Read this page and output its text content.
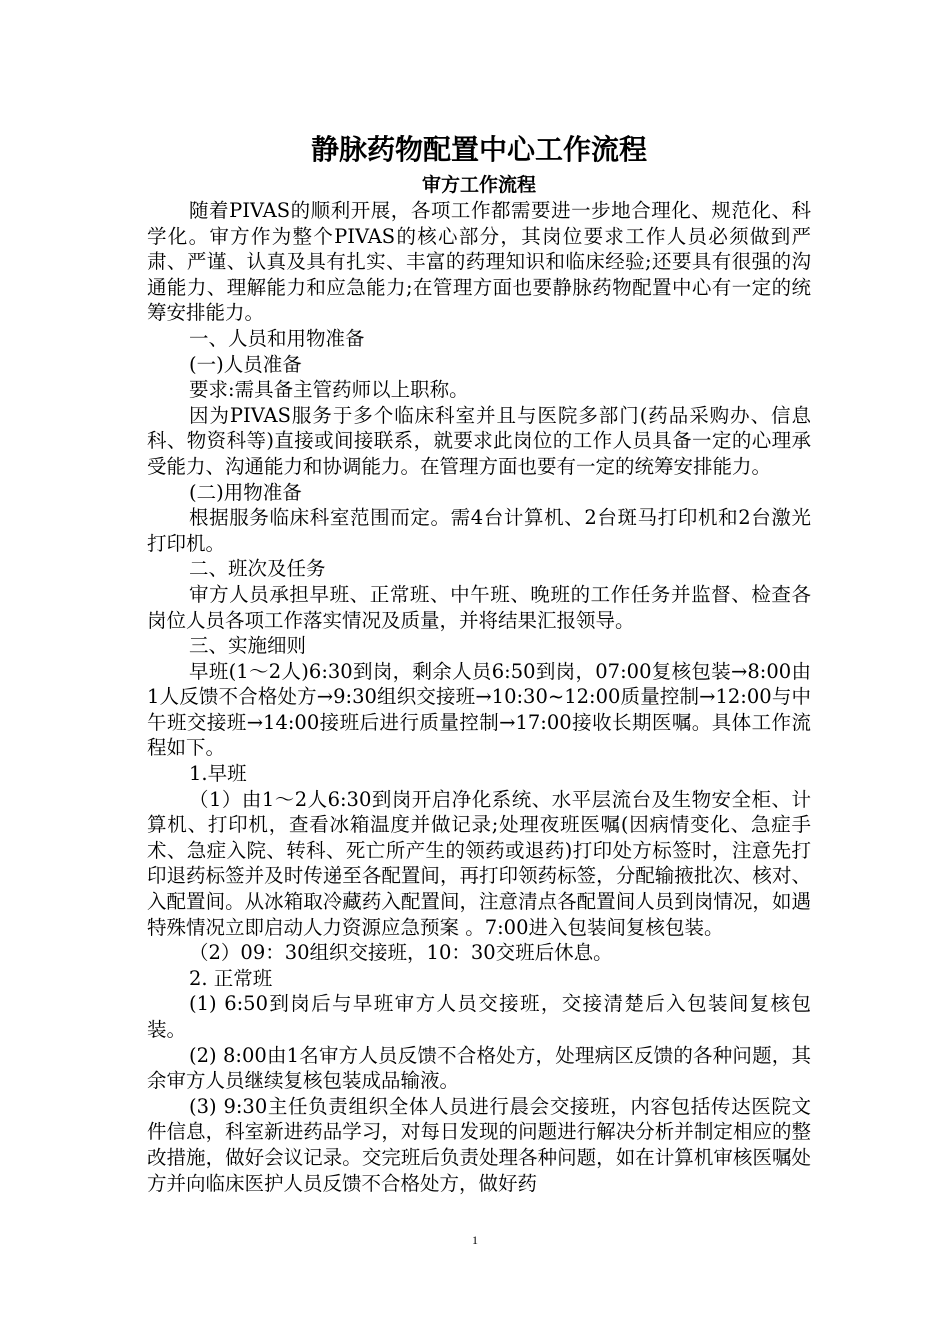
静脉药物配置中心工作流程
审方工作流程

随着PIVAS的顺利开展，各项工作都需要进一步地合理化、规范化、科学化。审方作为整个PIVAS的核心部分，其岗位要求工作人员必须做到严肃、严谨、认真及具有扎实、丰富的药理知识和临床经验;还要具有很强的沟通能力、理解能力和应急能力;在管理方面也要静脉药物配置中心有一定的统筹安排能力。

一、人员和用物准备

(一)人员准备

要求:需具备主管药师以上职称。

因为PIVAS服务于多个临床科室并且与医院多部门(药品采购办、信息科、物资科等)直接或间接联系，就要求此岗位的工作人员具备一定的心理承受能力、沟通能力和协调能力。在管理方面也要有一定的统筹安排能力。

(二)用物准备

根据服务临床科室范围而定。需4台计算机、2台斑马打印机和2台激光打印机。

二、班次及任务

审方人员承担早班、正常班、中午班、晚班的工作任务并监督、检查各岗位人员各项工作落实情况及质量，并将结果汇报领导。

三、实施细则

早班(1～2人)6:30到岗，剩余人员6:50到岗，07:00复核包装→8:00由1人反馈不合格处方→9:30组织交接班→10:30~12:00质量控制→12:00与中午班交接班→14:00接班后进行质量控制→17:00接收长期医嘱。具体工作流程如下。

1.早班

（1）由1～2人6:30到岗开启净化系统、水平层流台及生物安全柜、计算机、打印机，查看冰箱温度并做记录;处理夜班医嘱(因病情变化、急症手术、急症入院、转科、死亡所产生的领药或退药)打印处方标签时，注意先打印退药标签并及时传递至各配置间，再打印领药标签，分配输掖批次、核对、入配置间。从冰箱取冷藏药入配置间，注意清点各配置间人员到岗情况，如遇特殊情况立即启动人力资源应急预案 。7:00进入包装间复核包装。

（2）09：30组织交接班，10：30交班后休息。

2. 正常班

(1) 6:50到岗后与早班审方人员交接班，交接清楚后入包装间复核包装。

(2) 8:00由1名审方人员反馈不合格处方，处理病区反馈的各种问题，其余审方人员继续复核包装成品输液。

(3) 9:30主任负责组织全体人员进行晨会交接班，内容包括传达医院文件信息，科室新进药品学习，对每日发现的问题进行解决分析并制定相应的整改措施，做好会议记录。交完班后负责处理各种问题，如在计算机审核医嘱处方并向临床医护人员反馈不合格处方，做好药

1
